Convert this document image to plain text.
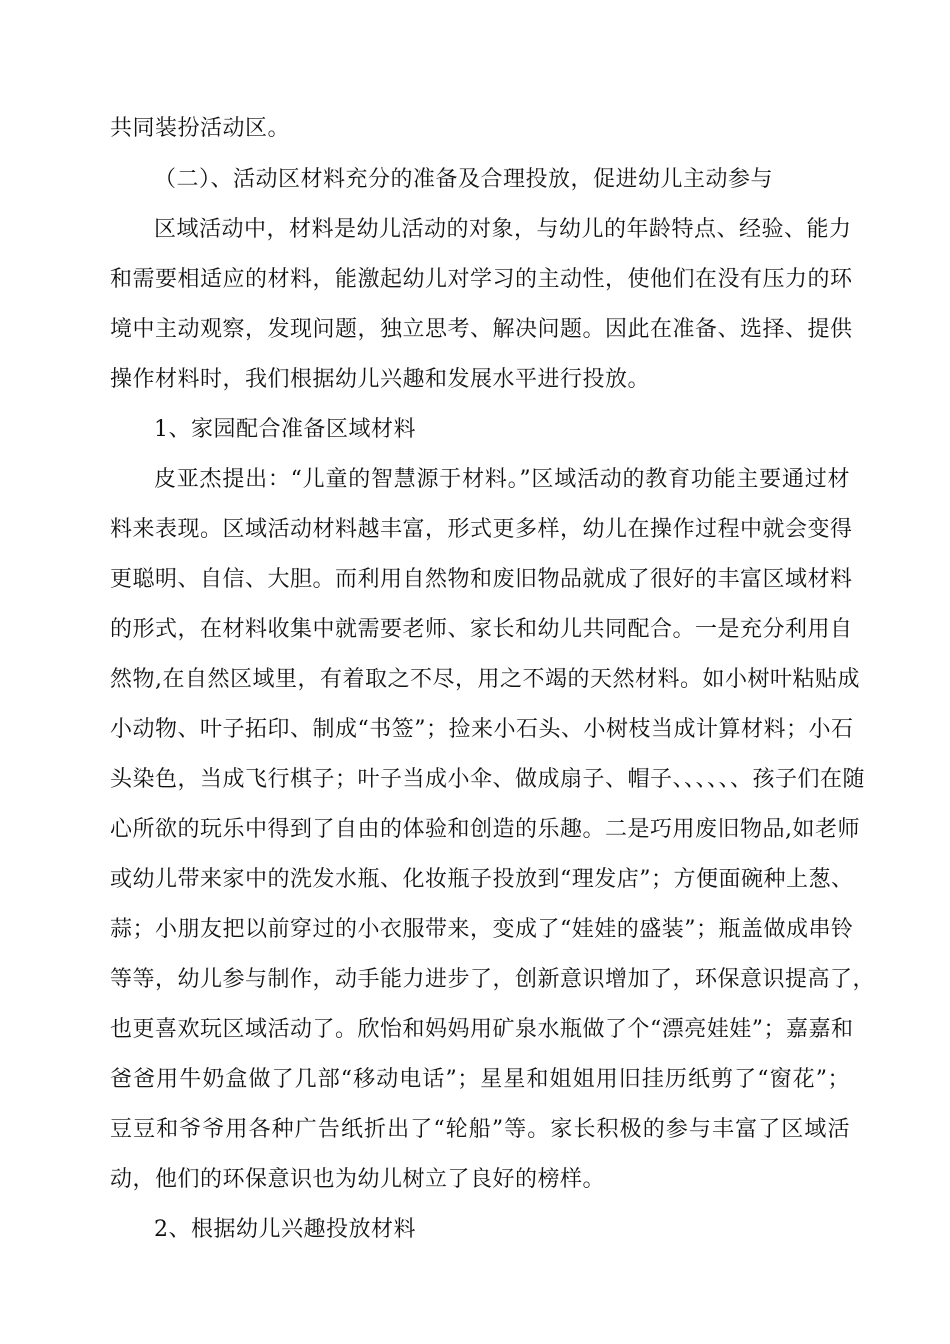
共同装扮活动区。
（二）、活动区材料充分的准备及合理投放，促进幼儿主动参与
区域活动中，材料是幼儿活动的对象，与幼儿的年龄特点、经验、能力
和需要相适应的材料，能激起幼儿对学习的主动性，使他们在没有压力的环
境中主动观察，发现问题，独立思考、解决问题。因此在准备、选择、提供
操作材料时，我们根据幼儿兴趣和发展水平进行投放。
1、家园配合准备区域材料
皮亚杰提出：“儿童的智慧源于材料。”区域活动的教育功能主要通过材
料来表现。区域活动材料越丰富，形式更多样，幼儿在操作过程中就会变得
更聪明、自信、大胆。而利用自然物和废旧物品就成了很好的丰富区域材料
的形式，在材料收集中就需要老师、家长和幼儿共同配合。一是充分利用自
然物,在自然区域里，有着取之不尽，用之不竭的天然材料。如小树叶粘贴成
小动物、叶子拓印、制成“书签”；捡来小石头、小树枝当成计算材料；小石
头染色，当成飞行棋子；叶子当成小伞、做成扇子、帽子、、、、、、孩子们在随
心所欲的玩乐中得到了自由的体验和创造的乐趣。二是巧用废旧物品,如老师
或幼儿带来家中的洗发水瓶、化妆瓶子投放到“理发店”；方便面碗种上葱、
蒜；小朋友把以前穿过的小衣服带来，变成了“娃娃的盛装”；瓶盖做成串铃
等等，幼儿参与制作，动手能力进步了，创新意识增加了，环保意识提高了，
也更喜欢玩区域活动了。欣怡和妈妈用矿泉水瓶做了个“漂亮娃娃”；嘉嘉和
爸爸用牛奶盒做了几部“移动电话”；星星和姐姐用旧挂历纸剪了“窗花”；
豆豆和爷爷用各种广告纸折出了“轮船”等。家长积极的参与丰富了区域活
动，他们的环保意识也为幼儿树立了良好的榜样。
2、根据幼儿兴趣投放材料
